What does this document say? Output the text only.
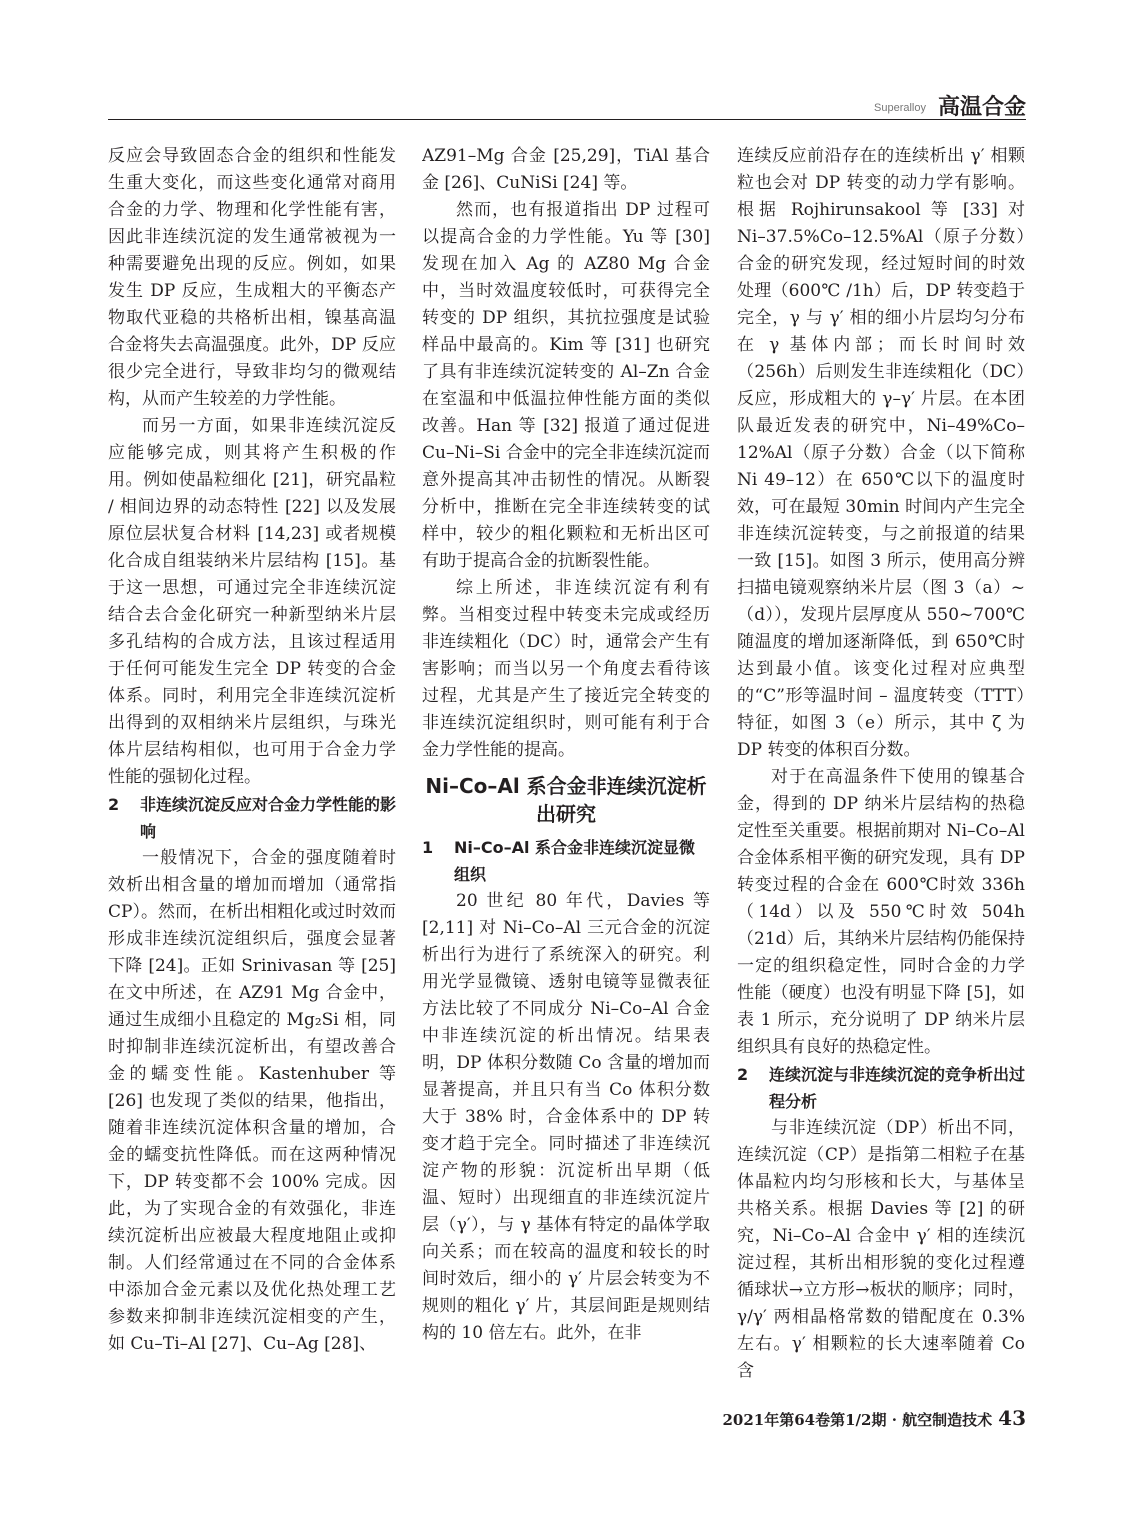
Superalloy 高温合金

反应会导致固态合金的组织和性能发生重大变化，而这些变化通常对商用合金的力学、物理和化学性能有害，因此非连续沉淀的发生通常被视为一种需要避免出现的反应。例如，如果发生 DP 反应，生成粗大的平衡态产物取代亚稳的共格析出相，镍基高温合金将失去高温强度。此外，DP 反应很少完全进行，导致非均匀的微观结构，从而产生较差的力学性能。

而另一方面，如果非连续沉淀反应能够完成，则其将产生积极的作用。例如使晶粒细化 [21]，研究晶粒 / 相间边界的动态特性 [22] 以及发展原位层状复合材料 [14,23] 或者规模化合成自组装纳米片层结构 [15]。基于这一思想，可通过完全非连续沉淀结合去合金化研究一种新型纳米片层多孔结构的合成方法，且该过程适用于任何可能发生完全 DP 转变的合金体系。同时，利用完全非连续沉淀析出得到的双相纳米片层组织，与珠光体片层结构相似，也可用于合金力学性能的强韧化过程。

2 非连续沉淀反应对合金力学性能的影响

一般情况下，合金的强度随着时效析出相含量的增加而增加（通常指 CP）。然而，在析出相粗化或过时效而形成非连续沉淀组织后，强度会显著下降 [24]。正如 Srinivasan 等 [25] 在文中所述，在 AZ91 Mg 合金中，通过生成细小且稳定的 Mg₂Si 相，同时抑制非连续沉淀析出，有望改善合金的蠕变性能。Kastenhuber 等 [26] 也发现了类似的结果，他指出，随着非连续沉淀体积含量的增加，合金的蠕变抗性降低。而在这两种情况下，DP 转变都不会 100% 完成。因此，为了实现合金的有效强化，非连续沉淀析出应被最大程度地阻止或抑制。人们经常通过在不同的合金体系中添加合金元素以及优化热处理工艺参数来抑制非连续沉淀相变的产生，如 Cu–Ti–Al [27]、Cu–Ag [28]、

AZ91–Mg 合金 [25,29]，TiAl 基合金 [26]、CuNiSi [24] 等。

然而，也有报道指出 DP 过程可以提高合金的力学性能。Yu 等 [30] 发现在加入 Ag 的 AZ80 Mg 合金中，当时效温度较低时，可获得完全转变的 DP 组织，其抗拉强度是试验样品中最高的。Kim 等 [31] 也研究了具有非连续沉淀转变的 Al–Zn 合金在室温和中低温拉伸性能方面的类似改善。Han 等 [32] 报道了通过促进 Cu–Ni–Si 合金中的完全非连续沉淀而意外提高其冲击韧性的情况。从断裂分析中，推断在完全非连续转变的试样中，较少的粗化颗粒和无析出区可有助于提高合金的抗断裂性能。

综上所述，非连续沉淀有利有弊。当相变过程中转变未完成或经历非连续粗化（DC）时，通常会产生有害影响；而当以另一个角度去看待该过程，尤其是产生了接近完全转变的非连续沉淀组织时，则可能有利于合金力学性能的提高。

Ni–Co–Al 系合金非连续沉淀析出研究
1 Ni–Co–Al 系合金非连续沉淀显微组织

20 世纪 80 年代，Davies 等 [2,11] 对 Ni–Co–Al 三元合金的沉淀析出行为进行了系统深入的研究。利用光学显微镜、透射电镜等显微表征方法比较了不同成分 Ni–Co–Al 合金中非连续沉淀的析出情况。结果表明，DP 体积分数随 Co 含量的增加而显著提高，并且只有当 Co 体积分数大于 38% 时，合金体系中的 DP 转变才趋于完全。同时描述了非连续沉淀产物的形貌：沉淀析出早期（低温、短时）出现细直的非连续沉淀片层（γ′），与 γ 基体有特定的晶体学取向关系；而在较高的温度和较长的时间时效后，细小的 γ′ 片层会转变为不规则的粗化 γ′ 片，其层间距是规则结构的 10 倍左右。此外，在非

连续反应前沿存在的连续析出 γ′ 相颗粒也会对 DP 转变的动力学有影响。根据 Rojhirunsakool 等 [33] 对 Ni–37.5%Co–12.5%Al（原子分数）合金的研究发现，经过短时间的时效处理（600℃ /1h）后，DP 转变趋于完全，γ 与 γ′ 相的细小片层均匀分布在 γ 基体内部；而长时间时效（256h）后则发生非连续粗化（DC）反应，形成粗大的 γ–γ′ 片层。在本团队最近发表的研究中，Ni–49%Co–12%Al（原子分数）合金（以下简称 Ni 49–12）在 650℃以下的温度时效，可在最短 30min 时间内产生完全非连续沉淀转变，与之前报道的结果一致 [15]。如图 3 所示，使用高分辨扫描电镜观察纳米片层（图 3（a）~（d）），发现片层厚度从 550~700℃随温度的增加逐渐降低，到 650℃时达到最小值。该变化过程对应典型的“C”形等温时间 – 温度转变（TTT）特征，如图 3（e）所示，其中 ζ 为 DP 转变的体积百分数。

对于在高温条件下使用的镍基合金，得到的 DP 纳米片层结构的热稳定性至关重要。根据前期对 Ni–Co–Al 合金体系相平衡的研究发现，具有 DP 转变过程的合金在 600℃时效 336h（14d）以及 550℃时效 504h（21d）后，其纳米片层结构仍能保持一定的组织稳定性，同时合金的力学性能（硬度）也没有明显下降 [5]，如表 1 所示，充分说明了 DP 纳米片层组织具有良好的热稳定性。

2 连续沉淀与非连续沉淀的竞争析出过程分析

与非连续沉淀（DP）析出不同，连续沉淀（CP）是指第二相粒子在基体晶粒内均匀形核和长大，与基体呈共格关系。根据 Davies 等 [2] 的研究，Ni–Co–Al 合金中 γ′ 相的连续沉淀过程，其析出相形貌的变化过程遵循球状→立方形→板状的顺序；同时，γ/γ′ 两相晶格常数的错配度在 0.3% 左右。γ′ 相颗粒的长大速率随着 Co 含

2021年第64卷第1/2期 · 航空制造技术 43
